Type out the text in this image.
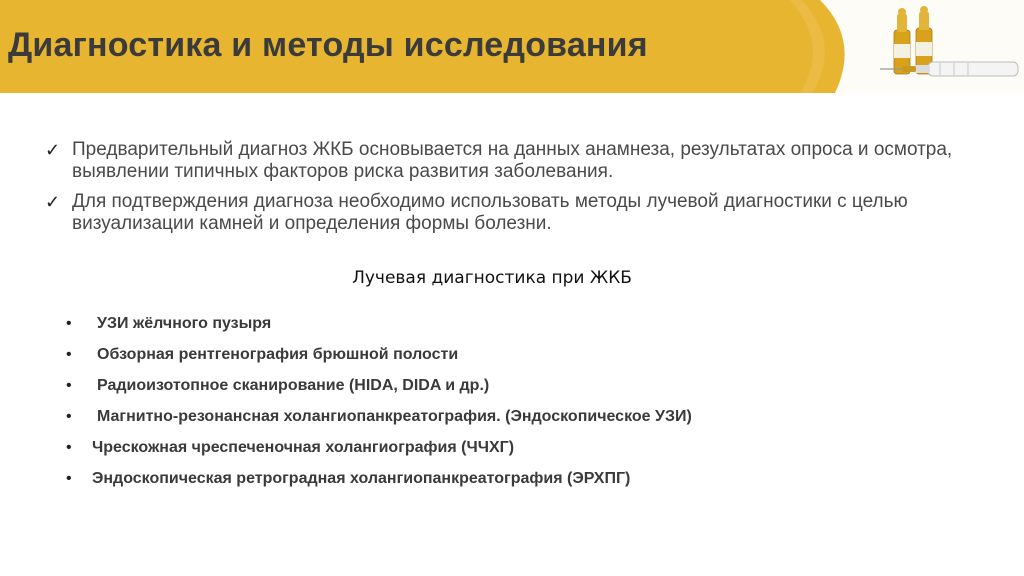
Диагностика и методы исследования
✓ Предварительный диагноз ЖКБ основывается на данных анамнеза, результатах опроса и осмотра, выявлении типичных факторов риска развития заболевания.
✓ Для подтверждения диагноза необходимо использовать методы лучевой диагностики с целью визуализации камней и определения формы болезни.
Лучевая диагностика при ЖКБ
• УЗИ жёлчного пузыря
• Обзорная рентгенография брюшной полости
• Радиоизотопное сканирование (HIDA, DIDA и др.)
• Магнитно-резонансная холангиопанкреатография. (Эндоскопическое УЗИ)
• Чрескожная чреспеченочная холангиография (ЧЧХГ)
• Эндоскопическая ретроградная холангиопанкреатография (ЭРХПГ)
